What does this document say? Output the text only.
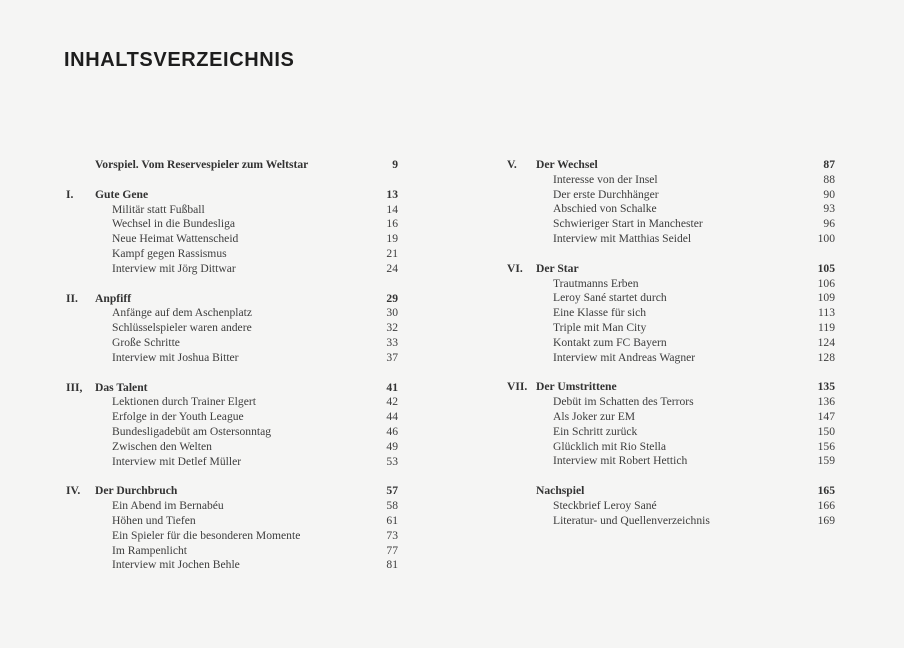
INHALTSVERZEICHNIS
Vorspiel. Vom Reservespieler zum Weltstar	9
I.	Gute Gene	13
Militär statt Fußball	14
Wechsel in die Bundesliga	16
Neue Heimat Wattenscheid	19
Kampf gegen Rassismus	21
Interview mit Jörg Dittwar	24
II.	Anpfiff	29
Anfänge auf dem Aschenplatz	30
Schlüsselspieler waren andere	32
Große Schritte	33
Interview mit Joshua Bitter	37
III,	Das Talent	41
Lektionen durch Trainer Elgert	42
Erfolge in der Youth League	44
Bundesligadebüt am Ostersonntag	46
Zwischen den Welten	49
Interview mit Detlef Müller	53
IV.	Der Durchbruch	57
Ein Abend im Bernabéu	58
Höhen und Tiefen	61
Ein Spieler für die besonderen Momente	73
Im Rampenlicht	77
Interview mit Jochen Behle	81
V.	Der Wechsel	87
Interesse von der Insel	88
Der erste Durchhänger	90
Abschied von Schalke	93
Schwieriger Start in Manchester	96
Interview mit Matthias Seidel	100
VI.	Der Star	105
Trautmanns Erben	106
Leroy Sané startet durch	109
Eine Klasse für sich	113
Triple mit Man City	119
Kontakt zum FC Bayern	124
Interview mit Andreas Wagner	128
VII. Der Umstrittene	135
Debüt im Schatten des Terrors	136
Als Joker zur EM	147
Ein Schritt zurück	150
Glücklich mit Rio Stella	156
Interview mit Robert Hettich	159
Nachspiel	165
Steckbrief Leroy Sané	166
Literatur- und Quellenverzeichnis	169
